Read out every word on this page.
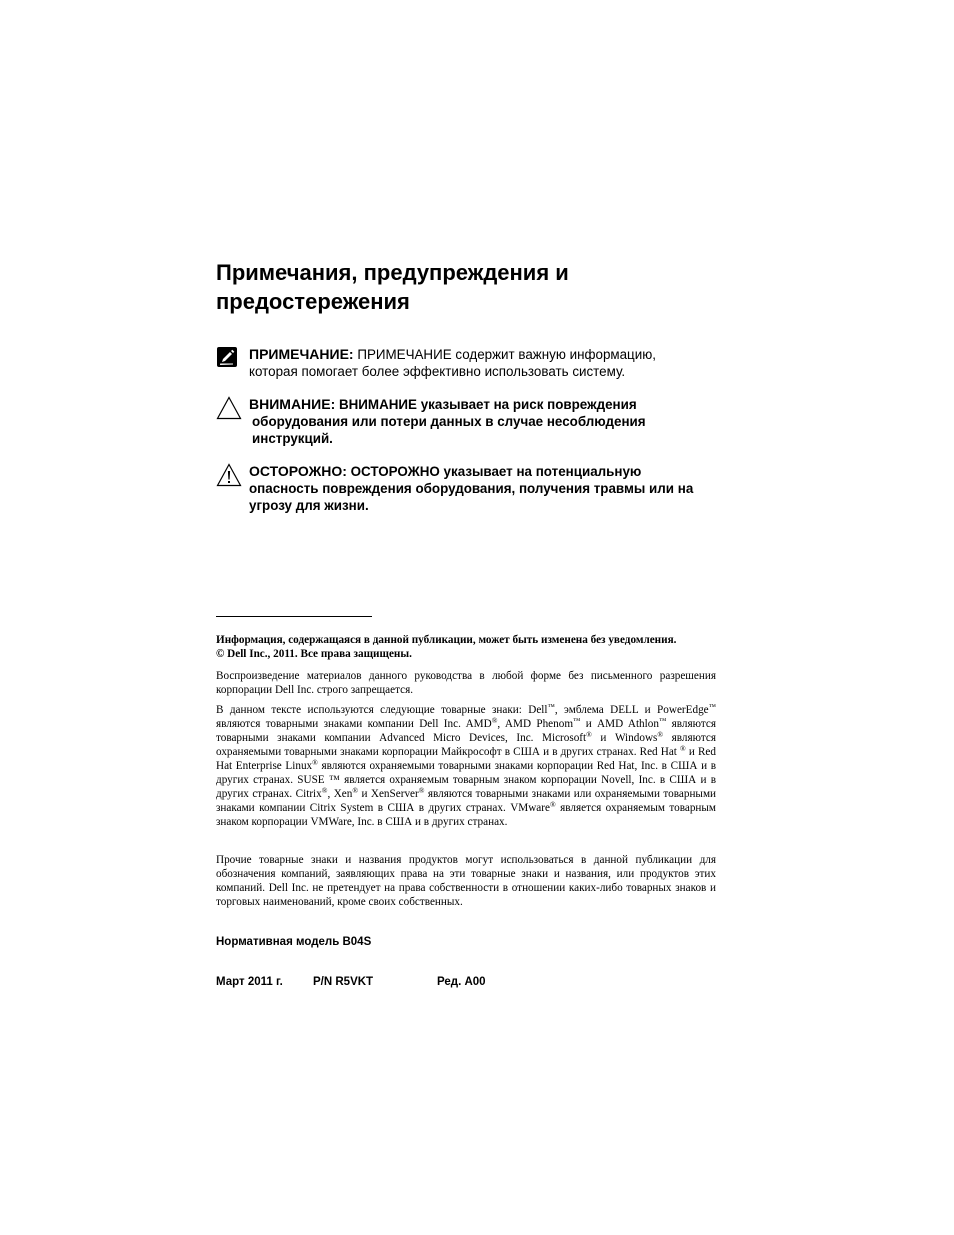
Примечания, предупреждения и
предостережения
ПРИМЕЧАНИЕ: ПРИМЕЧАНИЕ содержит важную информацию,
которая помогает более эффективно использовать систему.
ВНИМАНИЕ: ВНИМАНИЕ указывает на риск повреждения
оборудования или потери данных в случае несоблюдения
инструкций.
ОСТОРОЖНО: ОСТОРОЖНО указывает на потенциальную
опасность повреждения оборудования, получения травмы или на
угрозу для жизни.
Информация, содержащаяся в данной публикации, может быть изменена без уведомления.
© Dell Inc., 2011. Все права защищены.
Воспроизведение материалов данного руководства в любой форме без письменного разрешения корпорации Dell Inc. строго запрещается.
В данном тексте используются следующие товарные знаки: Dell™, эмблема DELL и PowerEdge™ являются товарными знаками компании Dell Inc. AMD®, AMD Phenom™ и AMD Athlon™ являются товарными знаками компании Advanced Micro Devices, Inc. Microsoft® и Windows® являются охраняемыми товарными знаками корпорации Майкрософт в США и в других странах. Red Hat ® и Red Hat Enterprise Linux® являются охраняемыми товарными знаками корпорации Red Hat, Inc. в США и в других странах. SUSE ™ является охраняемым товарным знаком корпорации Novell, Inc. в США и в других странах. Citrix®, Xen® и XenServer® являются товарными знаками или охраняемыми товарными знаками компании Citrix System в США в других странах. VMware® является охраняемым товарным знаком корпорации VMWare, Inc. в США и в других странах.
Прочие товарные знаки и названия продуктов могут использоваться в данной публикации для обозначения компаний, заявляющих права на эти товарные знаки и названия, или продуктов этих компаний. Dell Inc. не претендует на права собственности в отношении каких-либо товарных знаков и торговых наименований, кроме своих собственных.
Нормативная модель B04S
Март 2011 г.	P/N R5VKT	Ред. A00
